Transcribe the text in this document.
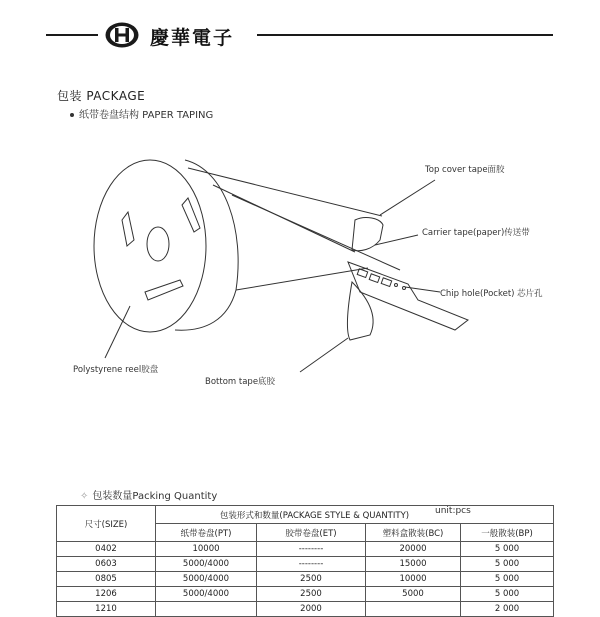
慶華電子
包装 PACKAGE
纸带卷盘结构 PAPER TAPING
Top cover tape面胶
Carrier tape(paper)传送带
Chip hole(Pocket) 芯片孔
Polystyrene reel胶盘
Bottom tape底胶
✧ 包装数量Packing Quantity
尺寸(SIZE)	包装形式和数量(PACKAGE STYLE & QUANTITY)			
	纸带卷盘(PT)	胶带卷盘(ET)	塑料盒散装(BC)	一般散装(BP)
0402	10000	--------	20000	5 000
0603	5000/4000	--------	15000	5 000
0805	5000/4000	2500	10000	5 000
1206	5000/4000	2500	5000	5 000
1210		2000		2 000
unit:pcs
